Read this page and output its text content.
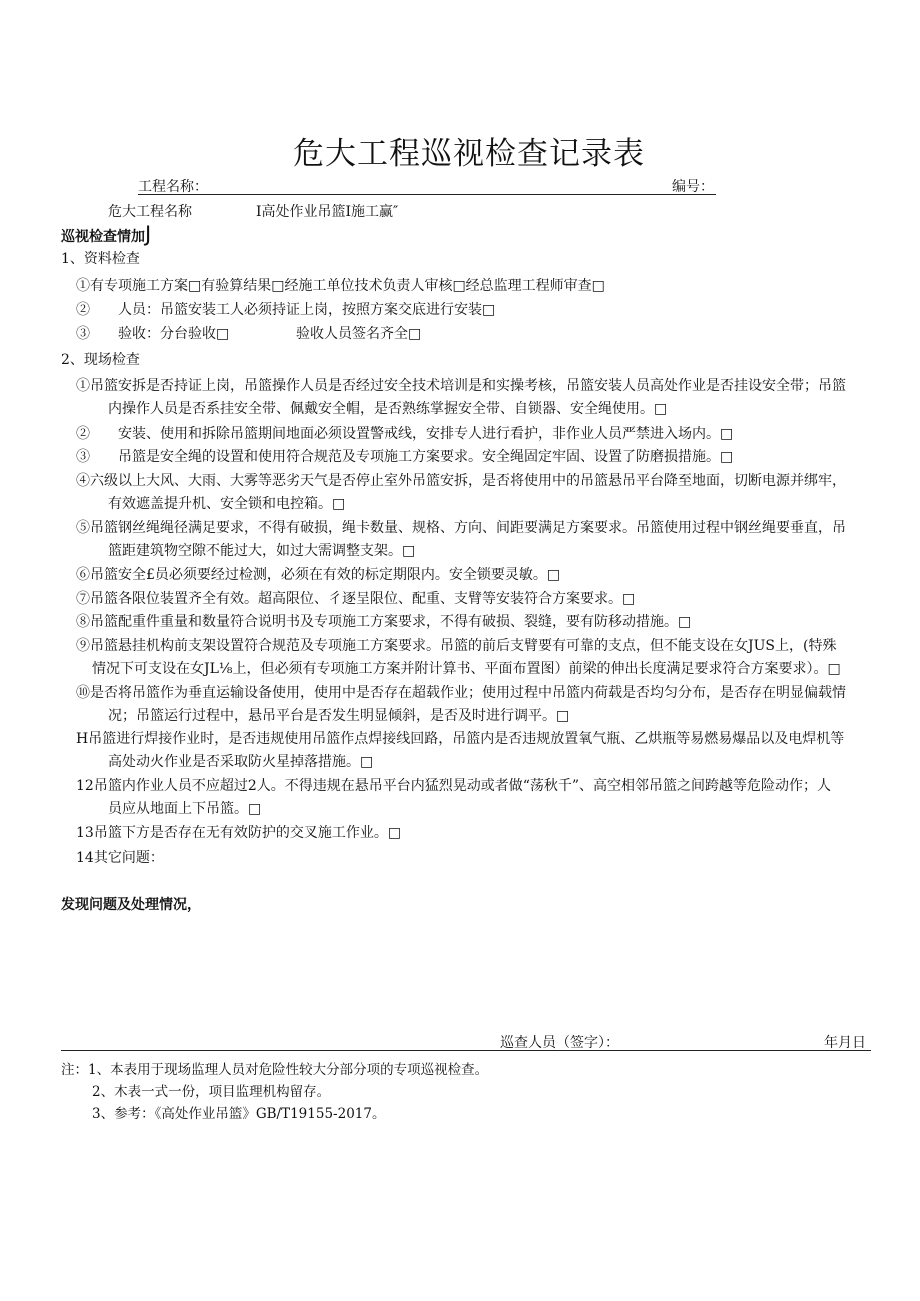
危大工程巡视检查记录表
工程名称：	编号：
危大工程名称	I高处作业吊篮I施工赢″
巡视检查情加J
1、资料检查
①有专项施工方案□有验算结果□经施工单位技术负责人审核□经总监理工程师审查□
②　　人员：吊篮安装工人必须持证上岗，按照方案交底进行安装□
③　　验收：分台验收□	验收人员签名齐全□
2、现场检查
①吊篮安拆是否持证上岗，吊篮操作人员是否经过安全技术培训是和实操考核，吊篮安装人员高处作业是否挂设安全带；吊篮
内操作人员是否系挂安全带、佩戴安全帽，是否熟练掌握安全带、自锁器、安全绳使用。□
②　　安装、使用和拆除吊篮期间地面必须设置警戒线，安排专人进行看护，非作业人员严禁进入场内。□
③　　吊篮是安全绳的设置和使用符合规范及专项施工方案要求。安全绳固定牢固、设置了防磨损措施。□
④六级以上大风、大雨、大雾等恶劣天气是否停止室外吊篮安拆，是否将使用中的吊篮悬吊平台降至地面，切断电源并绑牢，
有效遮盖提升机、安全锁和电控箱。□
⑤吊篮钢丝绳绳径满足要求，不得有破损，绳卡数量、规格、方向、间距要满足方案要求。吊篮使用过程中钢丝绳要垂直，吊
篮距建筑物空隙不能过大，如过大需调整支架。□
⑥吊篮安全£员必须要经过检测，必须在有效的标定期限内。安全锁要灵敏。□
⑦吊篮各限位装置齐全有效。超高限位、彳逐呈限位、配重、支臂等安装符合方案要求。□
⑧吊篮配重件重量和数量符合说明书及专项施工方案要求，不得有破损、裂缝，要有防移动措施。□
⑨吊篮悬挂机构前支架设置符合规范及专项施工方案要求。吊篮的前后支臂要有可靠的支点，但不能支设在女JUS上，(特殊
情况下可支设在女JL⅛上，但必须有专项施工方案并附计算书、平面布置图）前梁的伸出长度满足要求符合方案要求）。□
⑩是否将吊篮作为垂直运输设备使用，使用中是否存在超载作业；使用过程中吊篮内荷载是否均匀分布，是否存在明显偏载情
况；吊篮运行过程中，悬吊平台是否发生明显倾斜，是否及时进行调平。□
H吊篮进行焊接作业时，是否违规使用吊篮作点焊接线回路，吊篮内是否违规放置氧气瓶、乙烘瓶等易燃易爆品以及电焊机等
高处动火作业是否采取防火星掉落措施。□
12吊篮内作业人员不应超过2人。不得违规在悬吊平台内猛烈晃动或者做“荡秋千”、高空相邻吊篮之间跨越等危险动作；人
员应从地面上下吊篮。□
13吊篮下方是否存在无有效防护的交叉施工作业。□
14其它问题：
发现问题及处理情况，
巡查人员（签字）：	年月日
注：1、本表用于现场监理人员对危险性较大分部分项的专项巡视检查。
2、木表一式一份，项目监理机构留存。
3、参考：《高处作业吊篮》GB/T19155-2017。
